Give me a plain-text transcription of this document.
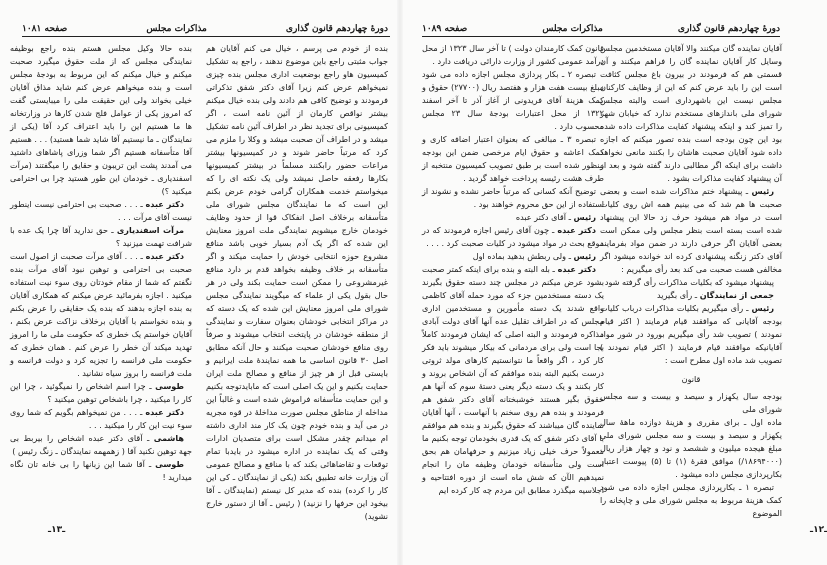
دورهٔ چهاردهم قانون گذاری
مذاکرات مجلس
صفحه ۱۰۸۱

بنده از خودم می پرسم ، خیال می کنم آقایان هم جواب مثبتی راجع باین موضوع ندهند ، راجع به تشکیل کمیسیون هاو راجع بوضعیت اداری مجلس بنده چیزی نمیخواهم عرض کنم زیرا آقای دکتر شفق تذکراتی فرمودند و توضیح کافی هم دادند ولی بنده خیال میکنم بیشتر نواقص کارمان از آئین نامه است ، اگر کمیسیونی برای تجدید نظر در اطراف آئین نامه تشکیل میشد و در اطراف آن صحبت میشد و وکلا را ملزم می کرد که مرتباً حاضر شوند و در کمیسیونها بیشتر مراعات حضور رابکنند مسلماً در بیشتر کمیسیونها بکارها رفعقه حاصل نمیشد ولی یک نکته ای را که میخواستم خدمت همکاران گرامی خودم عرض بکنم این است که ما نمایندگان مجلس شورای ملی متأسفانه برخلاف اصل انفکاک قوا از حدود وظایف خودمان خارج میشویم نمایندگی ملت امروز معنایش این شده که اگر یک آدم بسیار خوبی باشد منافع مشروع حوزه انتخابی خودش را حمایت میکند و اگر متأسفانه بر خلاف وظیفه بخواهد قدم بر دارد منافع غیرمشروعی را ممکن است حمایت بکند ولی در هر حال بقول یکی از علماء که میگویند نمایندگی مجلس شورای ملی امروز معنایش این شده که یک دسته که در مراکز انتخابی خودشان بعنوان سفارت و نمایندگی از منطقه خودشان در پایتخت انتخاب میشوند و صرفاً روی منافع خودشان صحبت میکنند و حال آنکه مطابق اصل ۳۰ قانون اساسی ما همه نمایندهٔ ملت ایرانیم و بایستی قبل از هر چیز از منافع و مصالح ملت ایران حمایت بکنیم و این یک اصلی است که مابایدتوجه بکنیم و این حمایت متأسفانه فراموش شده است و غالباً این مداخله از مناطق مجلس صورت مداخلهٔ در قوه مجریه در می آید و بنده خودم چون یک کار مند اداری داشته ام میدانم چقدر مشکل است برای متصدیان ادارات وقتی که یک نماینده در اداره میشود در بایدبا تمام توقعات و تقاضاهائی بکند که با منافع و مصالح عمومی آن وزارت خانه تطبیق بکند (یکی از نمایندگان ـ کی این کار را کرده) بنده که مدیر کل نیستم (نمایندگان ـ آقا بیخود این حرفها را نزنید) ( رئیس ـ آقا از دستور خارج نشوید)

بنده حالا وکیل مجلس هستم بنده راجع بوظیفه نمایندگی مجلس که از ملت حقوق میگیرد صحبت میکنم و خیال میکنم که این مربوط به بودجهٔ مجلس است و بنده میخواهم عرض کنم شاید مذاق آقایان خیلی بخواند ولی این حقیقت ملی را میبایستی گفت که امروز یکی از عوامل فلج شدن کارها در وزارتخانه ها ما هستیم این را باید اعتراف کرد آقا (یکی از نمایندگان ـ ما نیستیم آقا شاید شما هستید) . . . هستیم آقا متأسفانه هستیم اگر شما وزرای پاشاهای داشتید می آمدند پشت این تریبون و حقایق را میگفتند (مرآت اسفندیاری ـ خودمان این طور هستید چرا بی احترامی میکنید ؟)

دکتر عبده ـ . . . صحبت بی احترامی نیست اینطور نیست آقای مرآت . . .

مرآت اسفندیاری ـ حق ندارید آقا چرا یک عده با شرافت تهمت میزنید ؟

دکتر عبده ـ . . . آقای مرآت صحبت از اصول است صحبت بی احترامی و توهین نبود آقای مرآت بنده نگفتم که شما از مقام خودتان روی سوء نیت استفاده میکنید . اجازه بفرمائید عرض میکنم که همکاری آقایان به بنده اجازه بدهند که بنده یک حقایقی را عرض بکنم و بنده نخواستم با آقایان برخلاف نزاکت عرض بکنم ، آقایان خواستم یک خطری که حکومت ملی ما را امروز تهدید میکند آن خطر را عرض کنم . همان خطری که حکومت ملی فرانسه را تجزیه کرد و دولت فرانسه و ملت فرانسه را بروز سیاه نشانید .

طوسی ـ چرا اسم اشخاص را نمیگوئید ، چرا این کار را میکنید ، چرا باشخاص توهین میکنید ؟

دکتر عبده ـ . . . من نمیخواهم بگویم که شما روی سوء نیت این کار را میکنید . . .

هاشمی ـ آقای دکتر عبده اشخاص را بیربط بی جهة توهین نکنید آقا ( زهمهمه نمایندگان ـ زنگ رئیس )

طوسی ـ آقا شما این زبانها را بی خانه تان نگاه میدارید !

ـ۱۳ـ
دورهٔ چهاردهم قانون گذاری
مذاکرات مجلس
صفحه ۱۰۸۹

آقایان نماینده گان میکنند والا آقایان مستخدمین مجلس وسایل کار آقایان نماینده گان را فراهم میکنند و آن قسمتی هم که فرمودند در بیرون باغ مجلس کثافت است این را باید عرض کنم که این از وظایف کارکنان مجلس نیست این باشهرداری است والبته مجلس شورای ملی باندازهای مستخدم ندارد که خیابان شهر را تمیز کند و اینکه پیشنهاد کفایت مذاکرات داده شده بود این چون بودجه است بنده تصور میکنم که اجازه داده شود آقایان صحبت هاشان را بکنند مانعی نخواهد داشت برای اینکه اگر مطالبی دارند گفته شود و بعد از آن پیشنهاد کفایت مذاکرات بشود .

رئیس ـ پیشنهاد ختم مذاکرات شده است و بعضی صحبت ها هم شد که می بینیم همه اش روی کلیات است در مواد هم میشود حرف زد حالا این پیشنهاد شده است بسته است بنظر مجلس ولی ممکن است بعضی آقایان اگر حرفی دارند در ضمن مواد بفرمایند آقای دکتر زنگنه پیشنهادی کرده اند خوانده میشود اگر مخالفی هست صحبت می کند بعد رأی میگیریم :

پیشنهاد میشود که بکلیات مذاکرات رأی گرفته شود

جمعی از نمایندگان ـ رأی بگیرید

رئیس ـ رأی میگیریم بکلیات مذاکرات درباب کلیات بودجه آقایانی که موافقند قیام فرمایند ( اکثر قیام نمودند ) تصویب شد رأی میگیریم بورود در شور مواد آقایانیکه موافقند قیام فرمایند ( اکثر قیام نمودند ) تصویب شد ماده اول مطرح است :

قانون

بودجه سال یکهزار و سیصد و بیست و سه مجلس شورای ملی

ماده اول ـ برای مقرری و هزینهٔ دوازده ماههٔ سال یکهزار و سیصد و بیست و سه مجلس شورای ملی مبلغ هیجده میلیون و ششصد و نود و چهار هزار ریال (۱۸۶۹۴۰۰۰/) موافق فقرهٔ (۱) تا (۵) پیوست اعتبار بکارپردازی مجلس داده میشود .

تبصره ۱ ـ بکارپردازی مجلس اجازه داده می شود کمک هزینهٔ مربوط به مجلس شورای ملی و چاپخانه را الموضوع

قانون کمک کارمندان دولت ) تا آخر سال ۱۳۲۳ از محل درآمد عمومی کشور از وزارت دارائی دریافت دارد .

تبصره ۲ ـ بکار پردازی مجلس اجازه داده می شود مبلغ بیست هفت هزار و هفتصد ریال (۲۷۷۰۰) حقوق و کمک هزینهٔ آقای فریدونی از آغاز آذر تا آخر اسفند ۱۳۲۲ از محل اعتبارات بودجهٔ سال ۲۳ مجلس محسوب دارد .

تبصره ۳ ـ مبالغی که بعنوان اعتبار اضافه کاری و کمک اعاشه و حقوق ایام مرخصی ضمن این بودجه منظور شده است بر طبق تصویب کمیسیون منتخبه از طرف هشت رئیسه پرداخت خواهد گردید .

توضیح آنکه کسانی که مرتباً حاضر نشده و نشوند از استفاده از این حق محروم خواهند بود .

رئیس ـ آقای دکتر عبده

دکتر عبده ـ چون آقای رئیس اجازه فرمودند که در موقع بحث در مواد میشود در کلیات صحبت کرد . . . .

رئیس ـ ولی ربطش بدهید بماده اول

دکتر عبده ـ بله البته و بنده برای اینکه کمتر صحبت بشود عرض میکنم در مجلس چند دسته حقوق بگیرند یک دسته مستخدمین جزء که مورد حمله آقای کاظمی واقع شدند یک دسته مأمورین و مستخدمین اداری مجلس که در اطراف تقلیل عده آنها آقای دولت آبادی مذاکره فرمودند و البته اصلی که ایشان فرمودند کاملاً بجا است ولی برای مردمانی که بیکار میشوند باید فکر کار کرد ، اگر واقعاً ما نتوانستیم کارهای مولد ثروتی درست بکنیم البته بنده موافقم که آن اشخاص بروند و کار بکنند و یک دسته دیگر یعنی دستهٔ سوم که آنها هم حقوق بگیر هستند خوشبختانه آقای دکتر شفق هم فرمودند و بنده هم روی سخنم با آنهاست ، آنها آقایان نماینده گان میباشند که حقوق بگیرند و بنده هم موافقم با آقای دکتر شفق که یک قدری بخودمان توجه بکنیم ما معمولاً حرف خیلی زیاد میزنیم و حرفهامان هم بحق است ولی متأسفانه خودمان وظیفه مان را انجام نمیدهیم الآن که شش ماه است از دوره افتتاحیه و اجلاسیه میگذرد مطابق این مردم چه کار کرده ایم

ـ۱۲ـ
